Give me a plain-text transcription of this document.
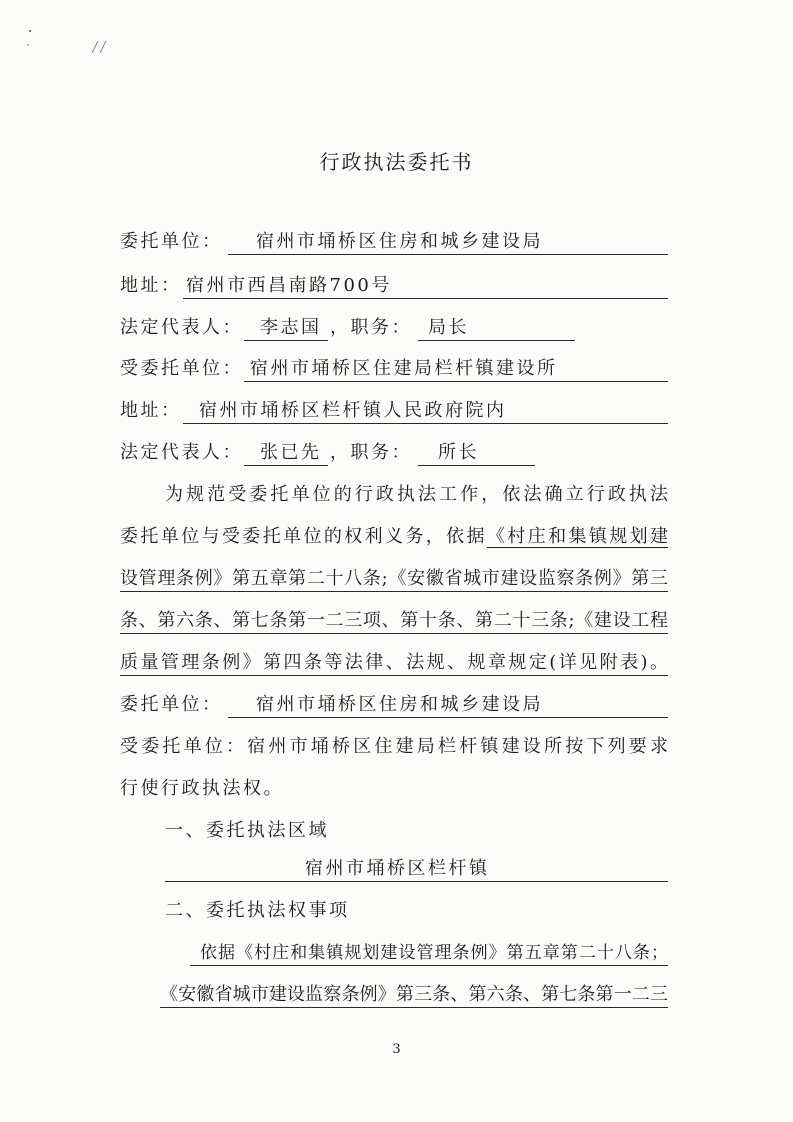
行政执法委托书
委托单位：	宿州市埇桥区住房和城乡建设局
地址： 宿州市西昌南路700号
法定代表人： 李志国 ，职务： 局长
受委托单位： 宿州市埇桥区住建局栏杆镇建设所
地址： 宿州市埇桥区栏杆镇人民政府院内
法定代表人： 张已先 ，职务：	所长
为规范受委托单位的行政执法工作，依法确立行政执法
委托单位与受委托单位的权利义务，依据《村庄和集镇规划建
设管理条例》第五章第二十八条;《安徽省城市建设监察条例》第三
条、第六条、第七条第一二三项、第十条、第二十三条;《建设工程
质量管理条例》第四条等法律、法规、规章规定(详见附表)。
委托单位：	宿州市埇桥区住房和城乡建设局
受委托单位：宿州市埇桥区住建局栏杆镇建设所按下列要求
行使行政执法权。
一、委托执法区域
宿州市埇桥区栏杆镇
二、委托执法权事项
依据《村庄和集镇规划建设管理条例》第五章第二十八条；
《安徽省城市建设监察条例》第三条、第六条、第七条第一二三
3
